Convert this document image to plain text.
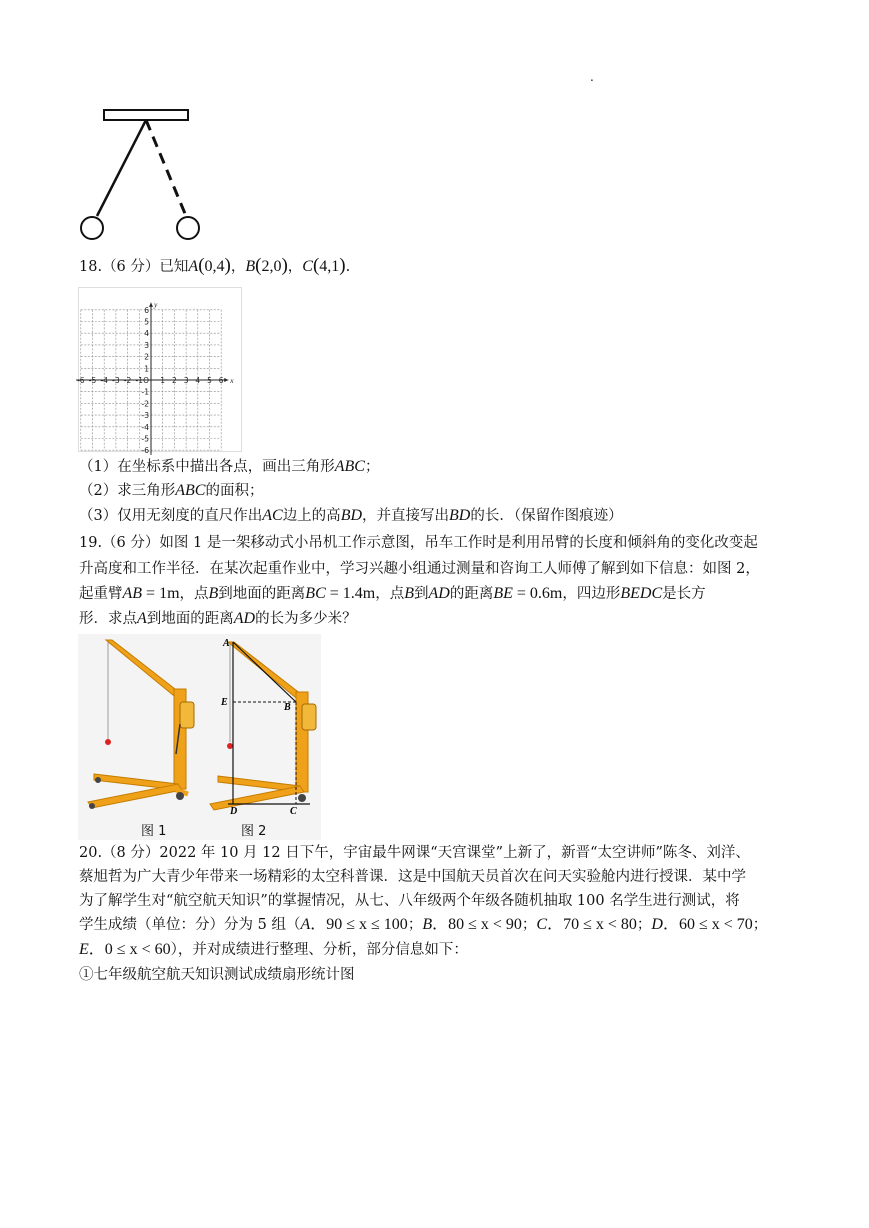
.
18.（6 分）已知A(0,4)，B(2,0)，C(4,1).
-6 -5 -4 -3 -2 -1 1 2 3 4 5 6
6
5
4
3
2
1
-1
-2
-3
-4
-5
-6
O	x
y
（1）在坐标系中描出各点，画出三角形ABC；
（2）求三角形ABC的面积；
（3）仅用无刻度的直尺作出AC边上的高BD，并直接写出BD的长．（保留作图痕迹）
19.（6 分）如图 1 是一架移动式小吊机工作示意图，吊车工作时是利用吊臂的长度和倾斜角的变化改变起
升高度和工作半径．在某次起重作业中，学习兴趣小组通过测量和咨询工人师傅了解到如下信息：如图 2，
起重臂AB = 1m，点B到地面的距离BC = 1.4m，点B到AD的距离BE = 0.6m，四边形BEDC是长方
形．求点A到地面的距离AD的长为多少米？
A
E	B
D	C
图 1	图 2
20.（8 分）2022 年 10 月 12 日下午，宇宙最牛网课“天宫课堂”上新了，新晋“太空讲师”陈冬、刘洋、
蔡旭哲为广大青少年带来一场精彩的太空科普课．这是中国航天员首次在问天实验舱内进行授课．某中学
为了解学生对“航空航天知识”的掌握情况，从七、八年级两个年级各随机抽取 100 名学生进行测试，将
学生成绩（单位：分）分为 5 组（A．90 ≤ x ≤ 100；B．80 ≤ x < 90；C．70 ≤ x < 80；D．60 ≤ x < 70；
E．0 ≤ x < 60），并对成绩进行整理、分析，部分信息如下：
①七年级航空航天知识测试成绩扇形统计图
